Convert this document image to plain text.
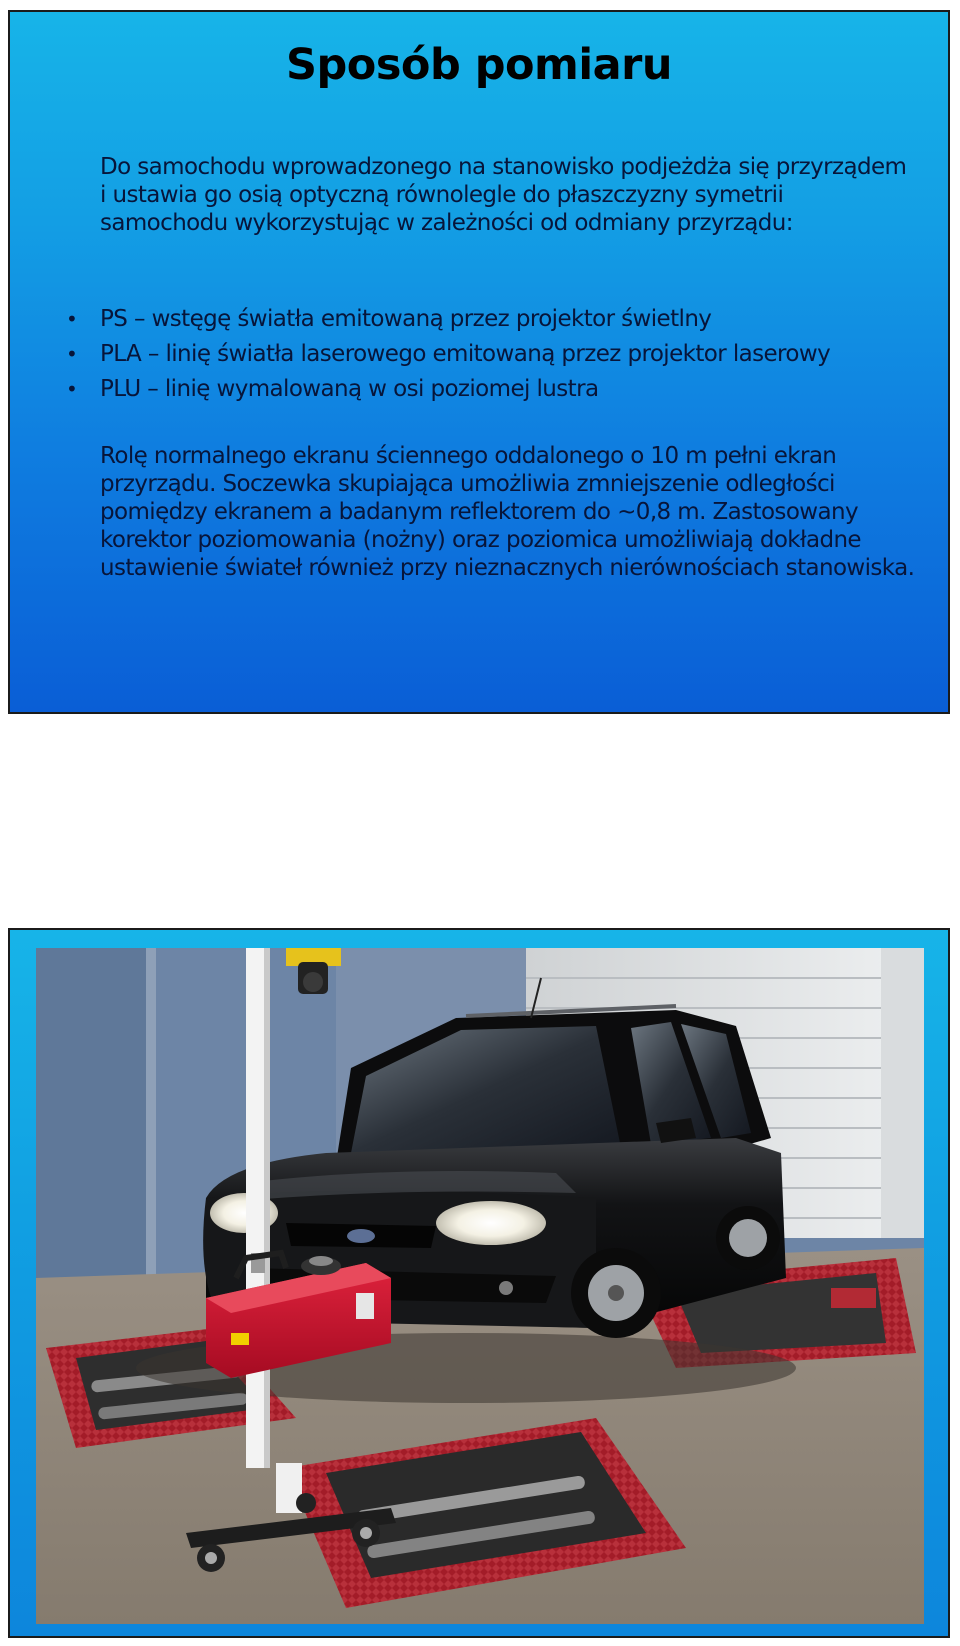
Sposób pomiaru

Do samochodu wprowadzonego na stanowisko podjeżdża się przyrządem i ustawia go osią optyczną równolegle do płaszczyzny symetrii samochodu wykorzystując w zależności od odmiany przyrządu:

• PS – wstęgę światła emitowaną przez projektor świetlny
• PLA – linię światła laserowego emitowaną przez projektor laserowy
• PLU – linię wymalowaną w osi poziomej lustra

Rolę normalnego ekranu ściennego oddalonego o 10 m pełni ekran przyrządu. Soczewka skupiająca umożliwia zmniejszenie odległości pomiędzy ekranem a badanym reflektorem do ~0,8 m. Zastosowany korektor poziomowania (nożny) oraz poziomica umożliwiają dokładne ustawienie świateł również przy nieznacznych nierównościach stanowiska.
